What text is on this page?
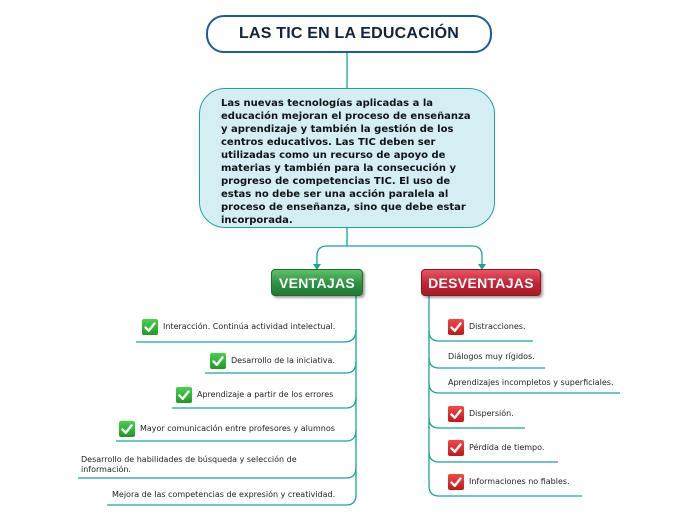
LAS TIC EN LA EDUCACIÓN
Las nuevas tecnologías aplicadas a la educación mejoran el proceso de enseñanza y aprendizaje y también la gestión de los centros educativos. Las TIC deben ser utilizadas como un recurso de apoyo de materias y también para la consecución y progreso de competencias TIC. El uso de estas no debe ser una acción paralela al proceso de enseñanza, sino que debe estar incorporada.
VENTAJAS	DESVENTAJAS
Interacción. Continúa actividad intelectual.
Desarrollo de la iniciativa.
Aprendizaje a partir de los errores
Mayor comunicación entre profesores y alumnos
Desarrollo de habilidades de búsqueda y selección de información.
Mejora de las competencias de expresión y creatividad.
Distracciones.
Diálogos muy rígidos.
Aprendizajes incompletos y superficiales.
Dispersión.
Pérdida de tiempo.
Informaciones no fiables.
